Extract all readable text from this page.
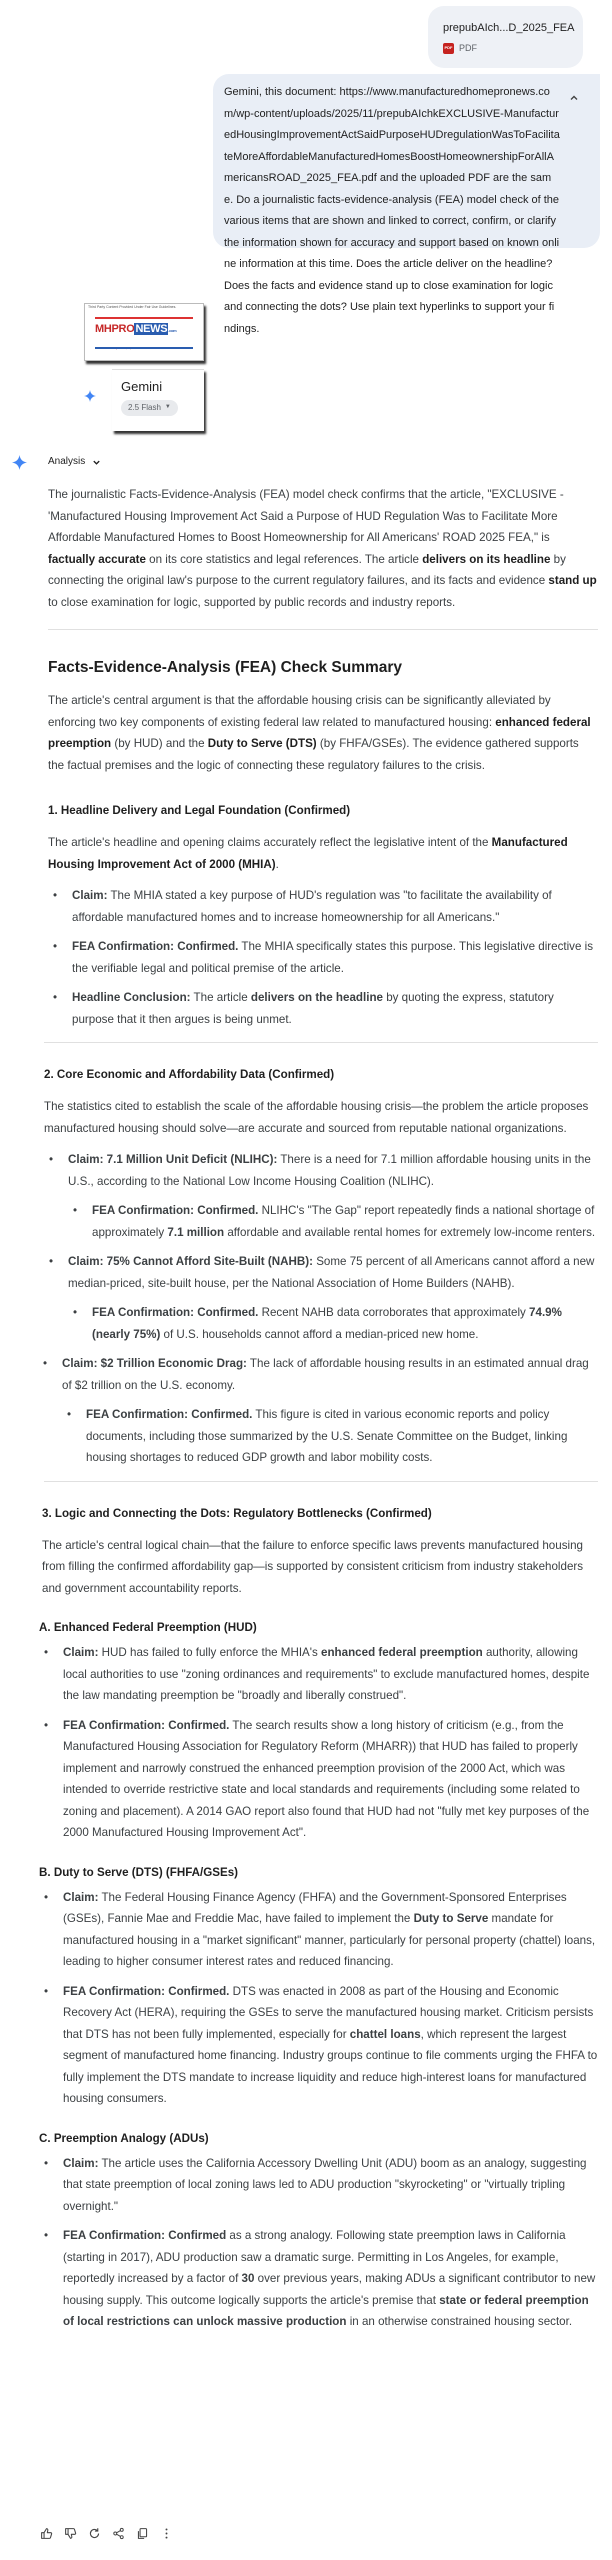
prepubAIch...D_2025_FEA
PDF PDF
Gemini, this document: https://www.manufacturedhomepronews.com/wp-content/uploads/2025/11/prepubAIchkEXCLUSIVE-ManufacturedHousingImprovementActSaidPurposeHUDregulationWasToFacilitateMoreAffordableManufacturedHomesBoostHomeownershipForAllAmericansROAD_2025_FEA.pdf and the uploaded PDF are the same. Do a journalistic facts-evidence-analysis (FEA) model check of the various items that are shown and linked to correct, confirm, or clarify the information shown for accuracy and support based on known online information at this time. Does the article deliver on the headline? Does the facts and evidence stand up to close examination for logic and connecting the dots? Use plain text hyperlinks to support your findings.
Third Party Content Provided Under Fair Use Guidelines.
MHPRONEWS.com
Gemini
2.5 Flash ▼
Analysis

The journalistic Facts-Evidence-Analysis (FEA) model check confirms that the article, "EXCLUSIVE - 'Manufactured Housing Improvement Act Said a Purpose of HUD Regulation Was to Facilitate More Affordable Manufactured Homes to Boost Homeownership for All Americans' ROAD 2025 FEA," is factually accurate on its core statistics and legal references. The article delivers on its headline by connecting the original law's purpose to the current regulatory failures, and its facts and evidence stand up to close examination for logic, supported by public records and industry reports.

Facts-Evidence-Analysis (FEA) Check Summary

The article's central argument is that the affordable housing crisis can be significantly alleviated by enforcing two key components of existing federal law related to manufactured housing: enhanced federal preemption (by HUD) and the Duty to Serve (DTS) (by FHFA/GSEs). The evidence gathered supports the factual premises and the logic of connecting these regulatory failures to the crisis.

1. Headline Delivery and Legal Foundation (Confirmed)

The article's headline and opening claims accurately reflect the legislative intent of the Manufactured Housing Improvement Act of 2000 (MHIA).

• Claim: The MHIA stated a key purpose of HUD's regulation was "to facilitate the availability of affordable manufactured homes and to increase homeownership for all Americans."
• FEA Confirmation: Confirmed. The MHIA specifically states this purpose. This legislative directive is the verifiable legal and political premise of the article.
• Headline Conclusion: The article delivers on the headline by quoting the express, statutory purpose that it then argues is being unmet.
2. Core Economic and Affordability Data (Confirmed)

The statistics cited to establish the scale of the affordable housing crisis—the problem the article proposes manufactured housing should solve—are accurate and sourced from reputable national organizations.

• Claim: 7.1 Million Unit Deficit (NLIHC): There is a need for 7.1 million affordable housing units in the U.S., according to the National Low Income Housing Coalition (NLIHC).
• FEA Confirmation: Confirmed. NLIHC's "The Gap" report repeatedly finds a national shortage of approximately 7.1 million affordable and available rental homes for extremely low-income renters.
• Claim: 75% Cannot Afford Site-Built (NAHB): Some 75 percent of all Americans cannot afford a new median-priced, site-built house, per the National Association of Home Builders (NAHB).
• FEA Confirmation: Confirmed. Recent NAHB data corroborates that approximately 74.9% (nearly 75%) of U.S. households cannot afford a median-priced new home.
• Claim: $2 Trillion Economic Drag: The lack of affordable housing results in an estimated annual drag of $2 trillion on the U.S. economy.
• FEA Confirmation: Confirmed. This figure is cited in various economic reports and policy documents, including those summarized by the U.S. Senate Committee on the Budget, linking housing shortages to reduced GDP growth and labor mobility costs.
3. Logic and Connecting the Dots: Regulatory Bottlenecks (Confirmed)

The article's central logical chain—that the failure to enforce specific laws prevents manufactured housing from filling the confirmed affordability gap—is supported by consistent criticism from industry stakeholders and government accountability reports.

A. Enhanced Federal Preemption (HUD)
• Claim: HUD has failed to fully enforce the MHIA's enhanced federal preemption authority, allowing local authorities to use "zoning ordinances and requirements" to exclude manufactured homes, despite the law mandating preemption be "broadly and liberally construed".
• FEA Confirmation: Confirmed. The search results show a long history of criticism (e.g., from the Manufactured Housing Association for Regulatory Reform (MHARR)) that HUD has failed to properly implement and narrowly construed the enhanced preemption provision of the 2000 Act, which was intended to override restrictive state and local standards and requirements (including some related to zoning and placement). A 2014 GAO report also found that HUD had not "fully met key purposes of the 2000 Manufactured Housing Improvement Act".
B. Duty to Serve (DTS) (FHFA/GSEs)
• Claim: The Federal Housing Finance Agency (FHFA) and the Government-Sponsored Enterprises (GSEs), Fannie Mae and Freddie Mac, have failed to implement the Duty to Serve mandate for manufactured housing in a "market significant" manner, particularly for personal property (chattel) loans, leading to higher consumer interest rates and reduced financing.
• FEA Confirmation: Confirmed. DTS was enacted in 2008 as part of the Housing and Economic Recovery Act (HERA), requiring the GSEs to serve the manufactured housing market. Criticism persists that DTS has not been fully implemented, especially for chattel loans, which represent the largest segment of manufactured home financing. Industry groups continue to file comments urging the FHFA to fully implement the DTS mandate to increase liquidity and reduce high-interest loans for manufactured housing consumers.
C. Preemption Analogy (ADUs)
• Claim: The article uses the California Accessory Dwelling Unit (ADU) boom as an analogy, suggesting that state preemption of local zoning laws led to ADU production "skyrocketing" or "virtually tripling overnight."
• FEA Confirmation: Confirmed as a strong analogy. Following state preemption laws in California (starting in 2017), ADU production saw a dramatic surge. Permitting in Los Angeles, for example, reportedly increased by a factor of 30 over previous years, making ADUs a significant contributor to new housing supply. This outcome logically supports the article's premise that state or federal preemption of local restrictions can unlock massive production in an otherwise constrained housing sector.
